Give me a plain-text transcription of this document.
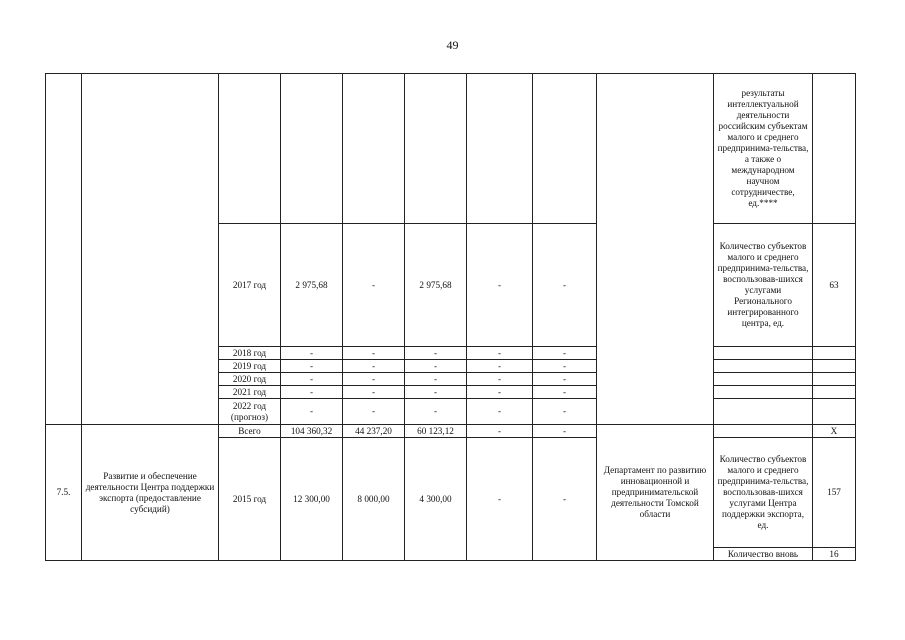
49
									результаты интеллектуальной деятельности российским субъектам малого и среднего предпринима-тельства, а также о международном научном сотрудничестве, ед.****	
		2017 год	2 975,68	-	2 975,68	-	-		Количество субъектов малого и среднего предпринима-тельства, воспользовав-шихся услугами Регионального интегрированного центра, ед.	63
		2018 год	-	-	-	-	-			
		2019 год	-	-	-	-	-			
		2020 год	-	-	-	-	-			
		2021 год	-	-	-	-	-			
		2022 год (прогноз)	-	-	-	-	-			
7.5.	Развитие и обеспечение деятельности Центра поддержки экспорта (предоставление субсидий)	Всего	104 360,32	44 237,20	60 123,12	-	-	Департамент по развитию инновационной и предпринимательской деятельности Томской области		X
		2015 год	12 300,00	8 000,00	4 300,00	-	-		Количество субъектов малого и среднего предпринима-тельства, воспользовав-шихся услугами Центра поддержки экспорта, ед.	157
									Количество вновь	16
